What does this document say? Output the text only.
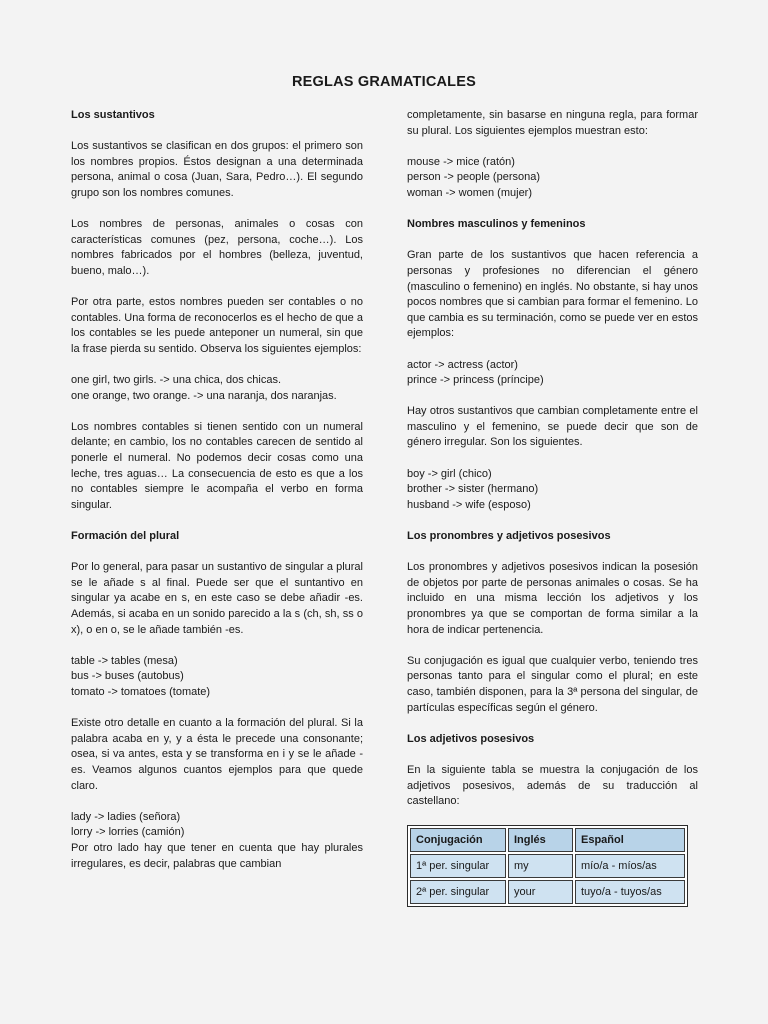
REGLAS GRAMATICALES
Los sustantivos

Los sustantivos se clasifican en dos grupos: el primero son los nombres propios. Éstos designan a una determinada persona, animal o cosa (Juan, Sara, Pedro…). El segundo grupo son los nombres comunes.

Los nombres de personas, animales o cosas con características comunes (pez, persona, coche…). Los nombres fabricados por el hombres (belleza, juventud, bueno, malo…).

Por otra parte, estos nombres pueden ser contables o no contables. Una forma de reconocerlos es el hecho de que a los contables se les puede anteponer un numeral, sin que la frase pierda su sentido. Observa los siguientes ejemplos:

one girl, two girls. -> una chica, dos chicas.
one orange, two orange. -> una naranja, dos naranjas.

Los nombres contables si tienen sentido con un numeral delante; en cambio, los no contables carecen de sentido al ponerle el numeral. No podemos decir cosas como una leche, tres aguas… La consecuencia de esto es que a los no contables siempre le acompaña el verbo en forma singular.

Formación del plural

Por lo general, para pasar un sustantivo de singular a plural se le añade s al final. Puede ser que el suntantivo en singular ya acabe en s, en este caso se debe añadir -es. Además, si acaba en un sonido parecido a la s (ch, sh, ss o x), o en o, se le añade también -es.

table -> tables (mesa)
bus -> buses (autobus)
tomato -> tomatoes (tomate)

Existe otro detalle en cuanto a la formación del plural. Si la palabra acaba en y, y a ésta le precede una consonante; osea, si va antes, esta y se transforma en i y se le añade -es. Veamos algunos cuantos ejemplos para que quede claro.

lady -> ladies (señora)
lorry -> lorries (camión)

Por otro lado hay que tener en cuenta que hay plurales irregulares, es decir, palabras que cambian

completamente, sin basarse en ninguna regla, para formar su plural. Los siguientes ejemplos muestran esto:

mouse -> mice (ratón)
person -> people (persona)
woman -> women (mujer)
Nombres masculinos y femeninos

Gran parte de los sustantivos que hacen referencia a personas y profesiones no diferencian el género (masculino o femenino) en inglés. No obstante, si hay unos pocos nombres que si cambian para formar el femenino. Lo que cambia es su terminación, como se puede ver en estos ejemplos:

actor -> actress (actor)
prince -> princess (príncipe)

Hay otros sustantivos que cambian completamente entre el masculino y el femenino, se puede decir que son de género irregular. Son los siguientes.

boy -> girl (chico)
brother -> sister (hermano)
husband -> wife (esposo)
Los pronombres y adjetivos posesivos

Los pronombres y adjetivos posesivos indican la posesión de objetos por parte de personas animales o cosas. Se ha incluido en una misma lección los adjetivos y los pronombres ya que se comportan de forma similar a la hora de indicar pertenencia.

Su conjugación es igual que cualquier verbo, teniendo tres personas tanto para el singular como el plural; en este caso, también disponen, para la 3ª persona del singular, de partículas específicas según el género.

Los adjetivos posesivos

En la siguiente tabla se muestra la conjugación de los adjetivos posesivos, además de su traducción al castellano:

Conjugación	Inglés	Español
1ª per. singular	my	mío/a - míos/as
2ª per. singular	your	tuyo/a - tuyos/as
